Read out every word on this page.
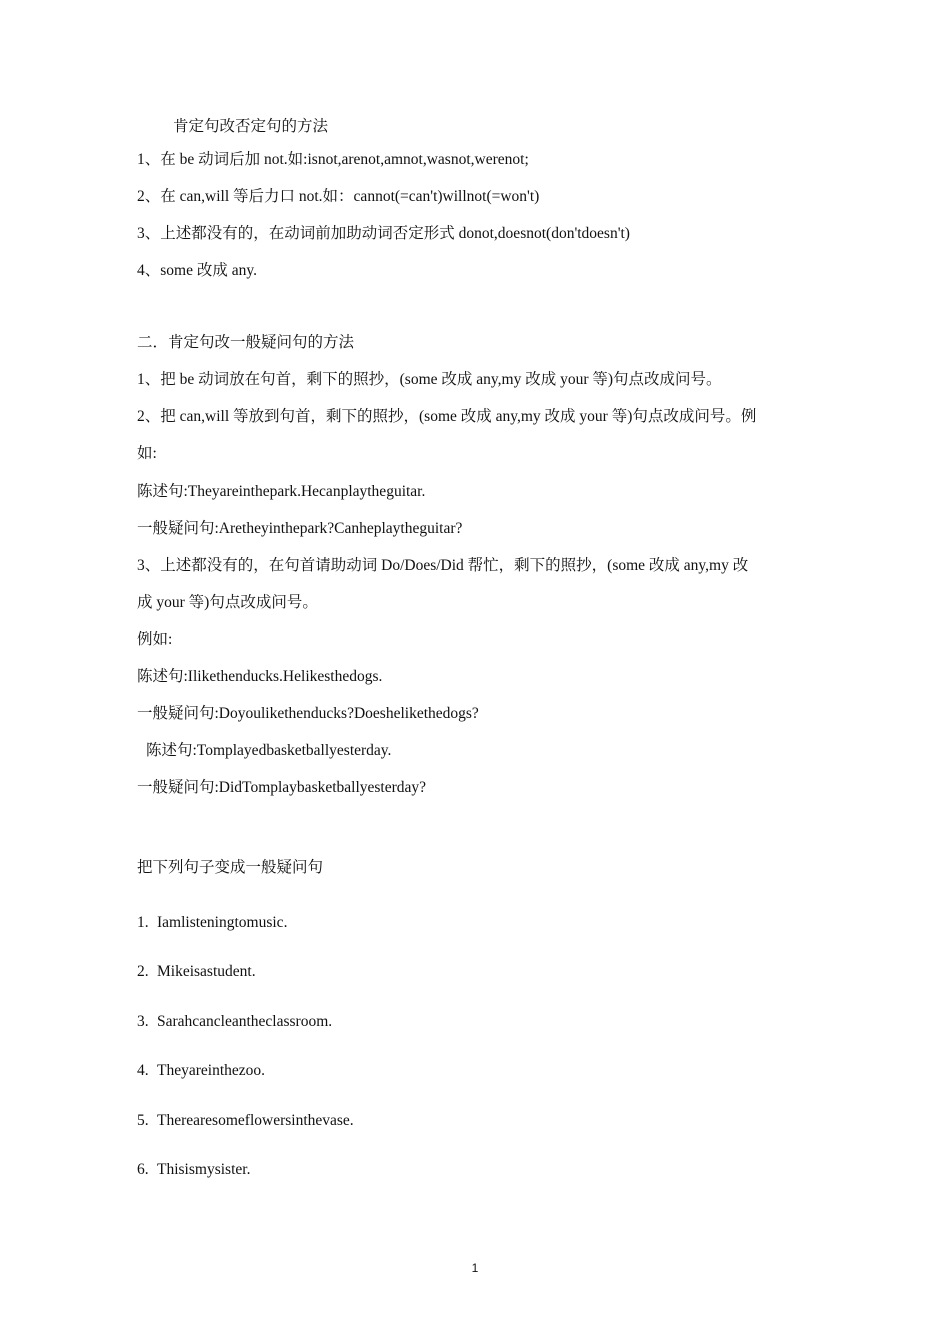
肯定句改否定句的方法
1、在 be 动词后加 not.如:isnot,arenot,amnot,wasnot,werenot;
2、在 can,will 等后力口 not.如：cannot(=can't)willnot(=won't)
3、上述都没有的，在动词前加助动词否定形式 donot,doesnot(don'tdoesn't)
4、some 改成 any.
二．肯定句改一般疑问句的方法
1、把 be 动词放在句首，剩下的照抄，(some 改成 any,my 改成 your 等)句点改成问号。
2、把 can,will 等放到句首，剩下的照抄，(some 改成 any,my 改成 your 等)句点改成问号。例
如:
陈述句:Theyareinthepark.Hecanplaytheguitar.
一般疑问句:Aretheyinthepark?Canheplaytheguitar?
3、上述都没有的，在句首请助动词 Do/Does/Did 帮忙，剩下的照抄，(some 改成 any,my 改
成 your 等)句点改成问号。
例如:
陈述句:Ilikethenducks.Helikesthedogs.
一般疑问句:Doyoulikethenducks?Doeshelikethedogs?
陈述句:Tomplayedbasketballyesterday.
一般疑问句:DidTomplaybasketballyesterday?
把下列句子变成一般疑问句
1. Iamlisteningtomusic.
2. Mikeisastudent.
3. Sarahcancleantheclassroom.
4. Theyareinthezoo.
5. Therearesomeflowersinthevase.
6. Thisismysister.
1
